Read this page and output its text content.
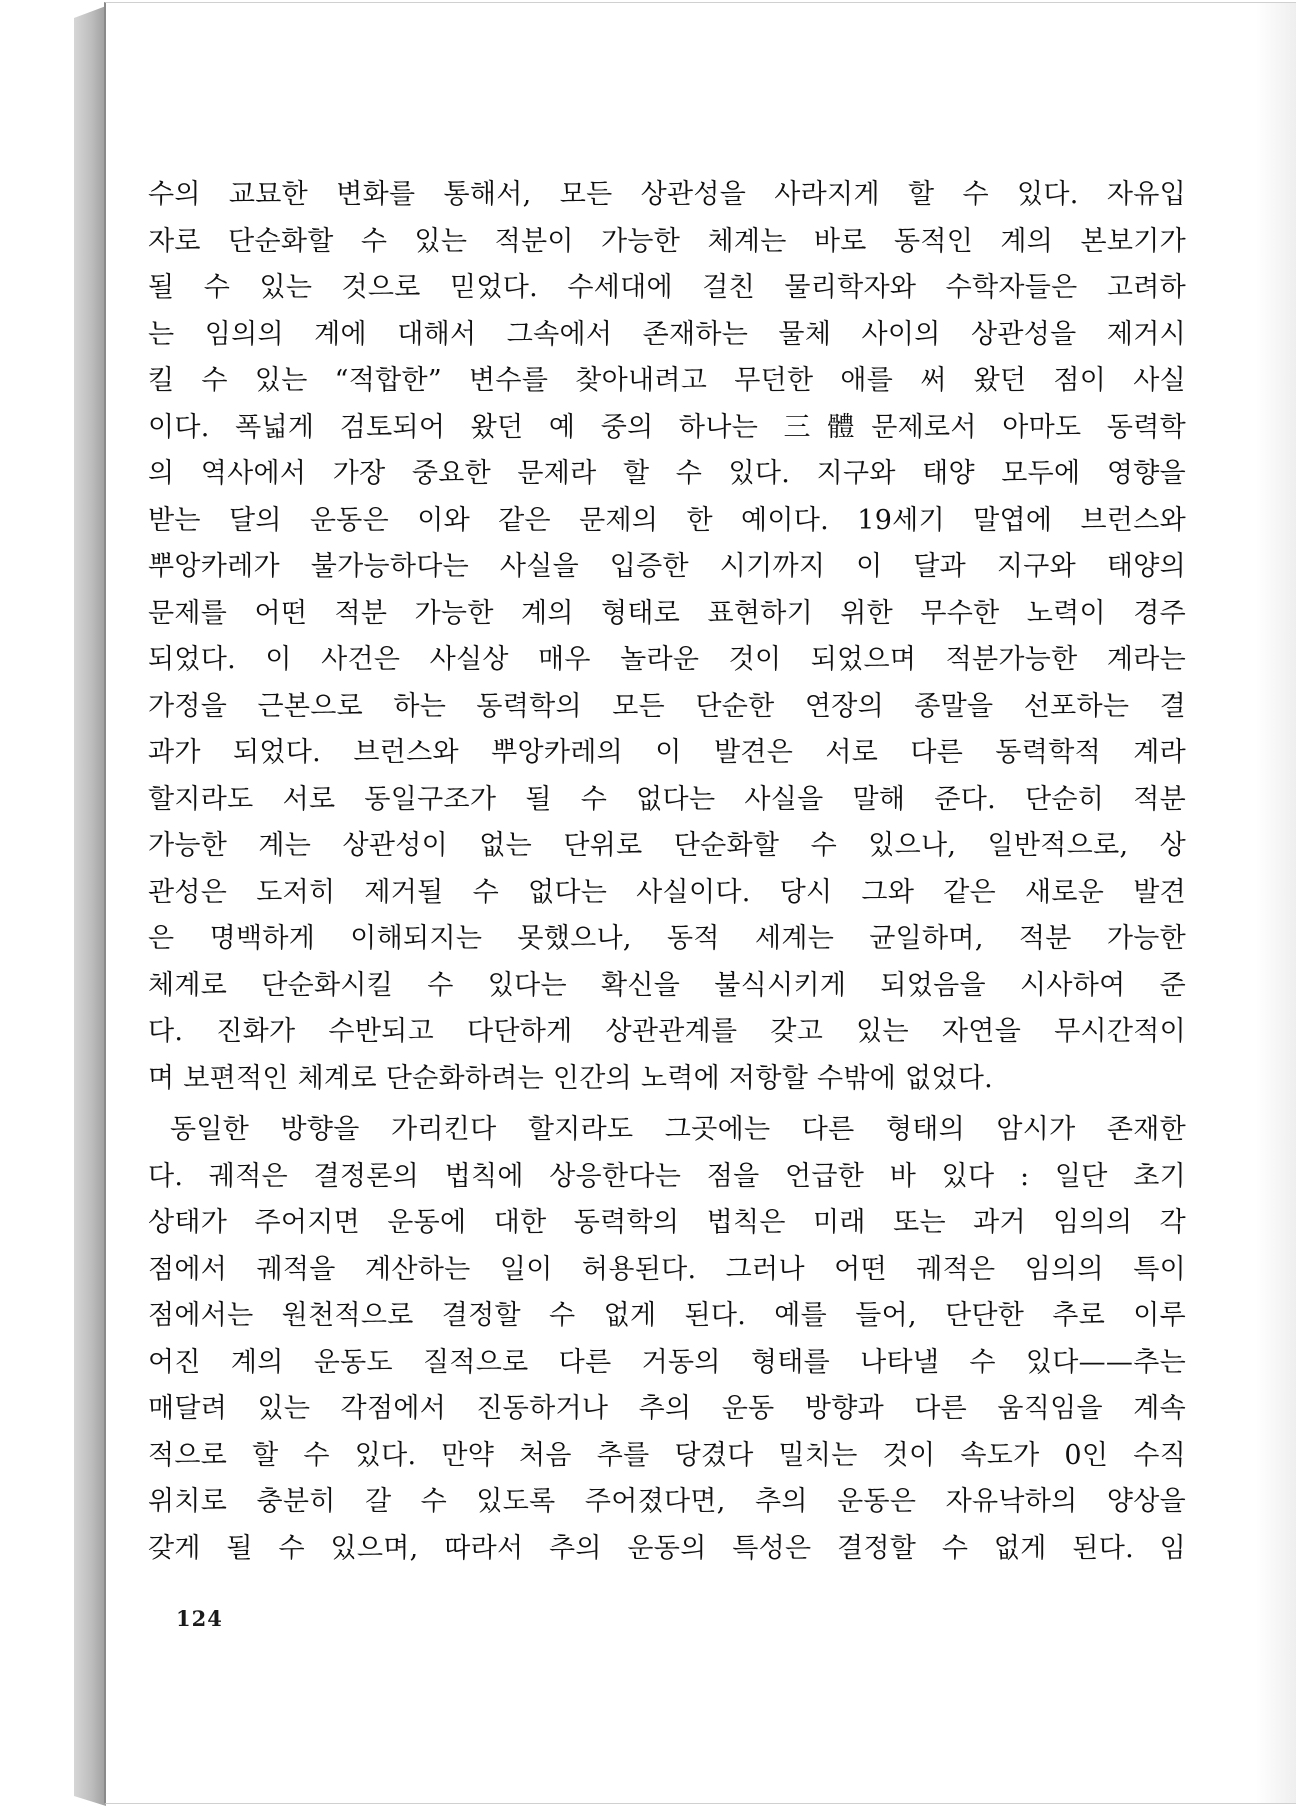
수의 교묘한 변화를 통해서, 모든 상관성을 사라지게 할 수 있다. 자유입
자로 단순화할 수 있는 적분이 가능한 체계는 바로 동적인 계의 본보기가
될 수 있는 것으로 믿었다. 수세대에 걸친 물리학자와 수학자들은 고려하
는 임의의 계에 대해서 그속에서 존재하는 물체 사이의 상관성을 제거시
킬 수 있는 “적합한” 변수를 찾아내려고 무던한 애를 써 왔던 점이 사실
이다. 폭넓게 검토되어 왔던 예 중의 하나는 三體문제로서 아마도 동력학
의 역사에서 가장 중요한 문제라 할 수 있다. 지구와 태양 모두에 영향을
받는 달의 운동은 이와 같은 문제의 한 예이다. 19세기 말엽에 브런스와
뿌앙카레가 불가능하다는 사실을 입증한 시기까지 이 달과 지구와 태양의
문제를 어떤 적분 가능한 계의 형태로 표현하기 위한 무수한 노력이 경주
되었다. 이 사건은 사실상 매우 놀라운 것이 되었으며 적분가능한 계라는
가정을 근본으로 하는 동력학의 모든 단순한 연장의 종말을 선포하는 결
과가 되었다. 브런스와 뿌앙카레의 이 발견은 서로 다른 동력학적 계라
할지라도 서로 동일구조가 될 수 없다는 사실을 말해 준다. 단순히 적분
가능한 계는 상관성이 없는 단위로 단순화할 수 있으나, 일반적으로, 상
관성은 도저히 제거될 수 없다는 사실이다. 당시 그와 같은 새로운 발견
은 명백하게 이해되지는 못했으나, 동적 세계는 균일하며, 적분 가능한
체계로 단순화시킬 수 있다는 확신을 불식시키게 되었음을 시사하여 준
다. 진화가 수반되고 다단하게 상관관계를 갖고 있는 자연을 무시간적이
며 보편적인 체계로 단순화하려는 인간의 노력에 저항할 수밖에 없었다.

동일한 방향을 가리킨다 할지라도 그곳에는 다른 형태의 암시가 존재한
다. 궤적은 결정론의 법칙에 상응한다는 점을 언급한 바 있다 : 일단 초기
상태가 주어지면 운동에 대한 동력학의 법칙은 미래 또는 과거 임의의 각
점에서 궤적을 계산하는 일이 허용된다. 그러나 어떤 궤적은 임의의 특이
점에서는 원천적으로 결정할 수 없게 된다. 예를 들어, 단단한 추로 이루
어진 계의 운동도 질적으로 다른 거동의 형태를 나타낼 수 있다——추는
매달려 있는 각점에서 진동하거나 추의 운동 방향과 다른 움직임을 계속
적으로 할 수 있다. 만약 처음 추를 당겼다 밀치는 것이 속도가 0인 수직
위치로 충분히 갈 수 있도록 주어졌다면, 추의 운동은 자유낙하의 양상을
갖게 될 수 있으며, 따라서 추의 운동의 특성은 결정할 수 없게 된다. 임

124
